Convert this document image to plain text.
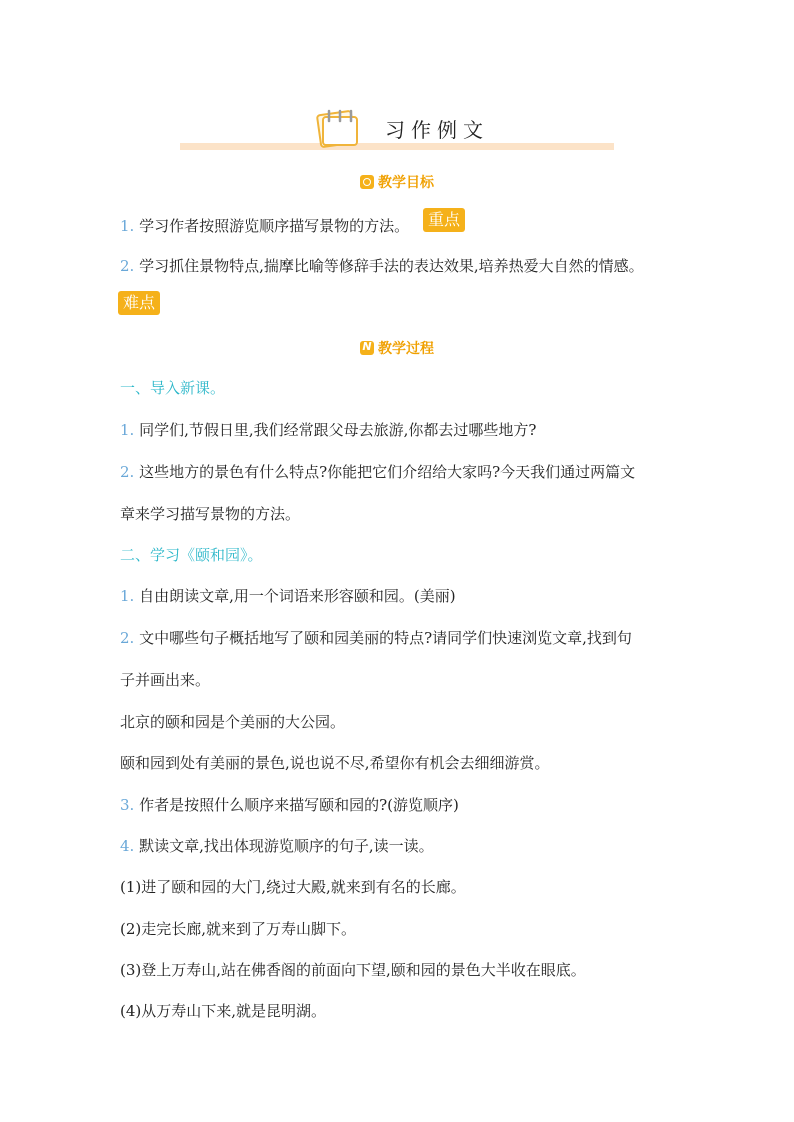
习作例文
教学目标
1. 学习作者按照游览顺序描写景物的方法。	重点
2. 学习抓住景物特点,揣摩比喻等修辞手法的表达效果,培养热爱大自然的情感。
难点
N教学过程
一、导入新课。
1. 同学们,节假日里,我们经常跟父母去旅游,你都去过哪些地方?
2. 这些地方的景色有什么特点?你能把它们介绍给大家吗?今天我们通过两篇文
章来学习描写景物的方法。
二、学习《颐和园》。
1. 自由朗读文章,用一个词语来形容颐和园。(美丽)
2. 文中哪些句子概括地写了颐和园美丽的特点?请同学们快速浏览文章,找到句
子并画出来。
北京的颐和园是个美丽的大公园。
颐和园到处有美丽的景色,说也说不尽,希望你有机会去细细游赏。
3. 作者是按照什么顺序来描写颐和园的?(游览顺序)
4. 默读文章,找出体现游览顺序的句子,读一读。
(1)进了颐和园的大门,绕过大殿,就来到有名的长廊。
(2)走完长廊,就来到了万寿山脚下。
(3)登上万寿山,站在佛香阁的前面向下望,颐和园的景色大半收在眼底。
(4)从万寿山下来,就是昆明湖。
